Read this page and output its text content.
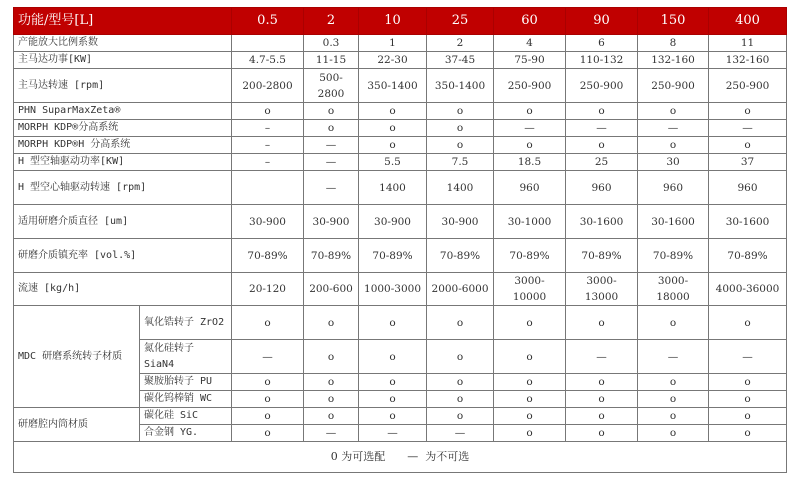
功能/型号[L]		0.5	2	10	25	60	90	150	400
产能放大比例系数			0.3	1	2	4	6	8	11
主马达功事[KW]		4.7-5.5	11-15	22-30	37-45	75-90	110-132	132-160	132-160
主马达转速 [rpm]		200-2800	500-2800	350-1400	350-1400	250-900	250-900	250-900	250-900
PHN SuparMaxZeta®		o	o	o	o	o	o	o	o
MORPH KDP®分高系统		–	o	o	o	—	—	—	—
MORPH KDP®H 分高系统		–	—	o	o	o	o	o	o
H 型空轴驱动功率[KW]		–	—	5.5	7.5	18.5	25	30	37
H 型空心轴驱动转速 [rpm]			—	1400	1400	960	960	960	960
适用研磨介质直径 [um]		30-900	30-900	30-900	30-900	30-1000	30-1600	30-1600	30-1600
研磨介质镇充率 [vol.%]		70-89%	70-89%	70-89%	70-89%	70-89%	70-89%	70-89%	70-89%
流速 [kg/h]		20-120	200-600	1000-3000	2000-6000	3000-10000	3000-13000	3000-18000	4000-36000
MDC 研磨系统转子材质	氧化锆转子 ZrO2	o	o	o	o	o	o	o	o
	氮化硅转子 SiaN4	—	o	o	o	o	—	—	—
	聚胺胎转子 PU	o	o	o	o	o	o	o	o
	碳化钨棒销 WC	o	o	o	o	o	o	o	o
研磨腔内筒材质	碳化硅 SiC	o	o	o	o	o	o	o	o
	合金钢 YG.	o	—	—	—	o	o	o	o
0 为可选配　　—  为不可选									
